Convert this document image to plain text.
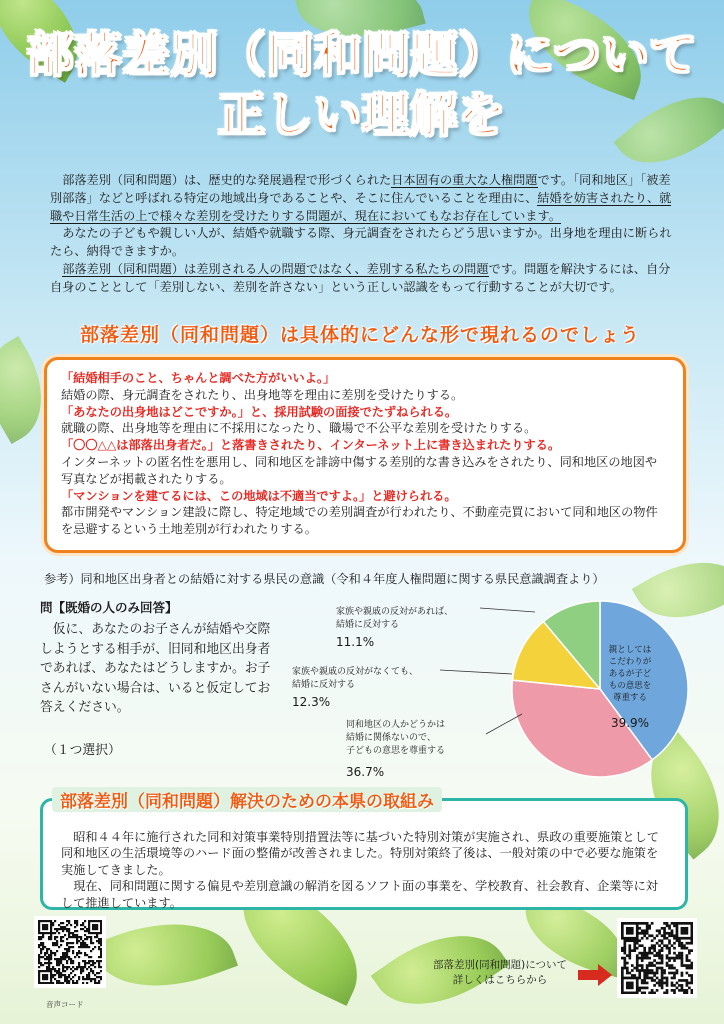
部落差別（同和問題）について
正しい理解を

部落差別（同和問題）は、歴史的な発展過程で形づくられた日本固有の重大な人権問題です。「同和地区」「被差別部落」などと呼ばれる特定の地域出身であることや、そこに住んでいることを理由に、結婚を妨害されたり、就職や日常生活の上で様々な差別を受けたりする問題が、現在においてもなお存在しています。

あなたの子どもや親しい人が、結婚や就職する際、身元調査をされたらどう思いますか。出身地を理由に断られたら、納得できますか。

部落差別（同和問題）は差別される人の問題ではなく、差別する私たちの問題です。問題を解決するには、自分自身のこととして「差別しない、差別を許さない」という正しい認識をもって行動することが大切です。

部落差別（同和問題）は具体的にどんな形で現れるのでしょう
「結婚相手のこと、ちゃんと調べた方がいいよ。」
結婚の際、身元調査をされたり、出身地等を理由に差別を受けたりする。
「あなたの出身地はどこですか。」と、採用試験の面接でたずねられる。
就職の際、出身地等を理由に不採用になったり、職場で不公平な差別を受けたりする。
「〇〇△△は部落出身者だ。」と落書きされたり、インターネット上に書き込まれたりする。
インターネットの匿名性を悪用し、同和地区を誹謗中傷する差別的な書き込みをされたり、同和地区の地図や写真などが掲載されたりする。
「マンションを建てるには、この地域は不適当ですよ。」と避けられる。
都市開発やマンション建設に際し、特定地域での差別調査が行われたり、不動産売買において同和地区の物件を忌避するという土地差別が行われたりする。
参考）同和地区出身者との結婚に対する県民の意識（令和４年度人権問題に関する県民意識調査より）
問【既婚の人のみ回答】
仮に、あなたのお子さんが結婚や交際しようとする相手が、旧同和地区出身者であれば、あなたはどうしますか。お子さんがいない場合は、いると仮定してお答えください。
（１つ選択）
親としては
こだわりが
あるが子ど
もの意思を
尊重する
39.9%
家族や親戚の反対があれば、
結婚に反対する
11.1%
家族や親戚の反対がなくても、
結婚に反対する
12.3%
同和地区の人かどうかは
結婚に関係ないので、
子どもの意思を尊重する
36.7%

昭和４４年に施行された同和対策事業特別措置法等に基づいた特別対策が実施され、県政の重要施策として同和地区の生活環境等のハード面の整備が改善されました。特別対策終了後は、一般対策の中で必要な施策を実施してきました。

現在、同和問題に関する偏見や差別意識の解消を図るソフト面の事業を、学校教育、社会教育、企業等に対して推進しています。

部落差別（同和問題）解決のための本県の取組み
音声コード
部落差別(同和問題)について
詳しくはこちらから
